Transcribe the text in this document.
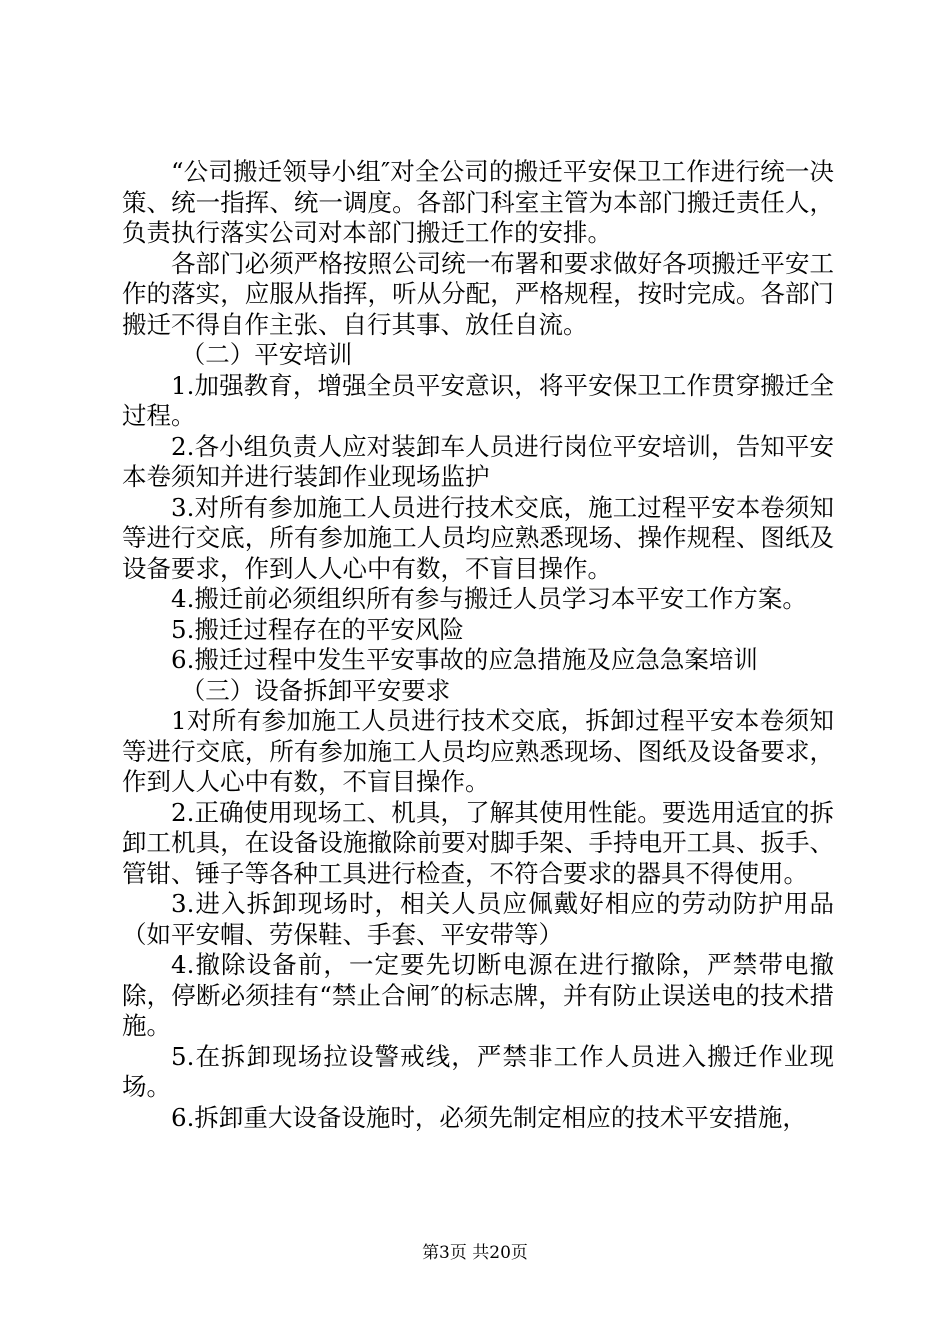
“公司搬迁领导小组″对全公司的搬迁平安保卫工作进行统一决策、统一指挥、统一调度。各部门科室主管为本部门搬迁责任人，负责执行落实公司对本部门搬迁工作的安排。

各部门必须严格按照公司统一布署和要求做好各项搬迁平安工作的落实，应服从指挥，听从分配，严格规程，按时完成。各部门搬迁不得自作主张、自行其事、放任自流。

（二）平安培训

1.加强教育，增强全员平安意识，将平安保卫工作贯穿搬迁全过程。

2.各小组负责人应对装卸车人员进行岗位平安培训，告知平安本卷须知并进行装卸作业现场监护

3.对所有参加施工人员进行技术交底，施工过程平安本卷须知等进行交底，所有参加施工人员均应熟悉现场、操作规程、图纸及设备要求，作到人人心中有数，不盲目操作。

4.搬迁前必须组织所有参与搬迁人员学习本平安工作方案。

5.搬迁过程存在的平安风险

6.搬迁过程中发生平安事故的应急措施及应急急案培训

（三）设备拆卸平安要求

1对所有参加施工人员进行技术交底，拆卸过程平安本卷须知等进行交底，所有参加施工人员均应熟悉现场、图纸及设备要求，作到人人心中有数，不盲目操作。

2.正确使用现场工、机具，了解其使用性能。要选用适宜的拆卸工机具，在设备设施撤除前要对脚手架、手持电开工具、扳手、管钳、锤子等各种工具进行检查，不符合要求的器具不得使用。

3.进入拆卸现场时，相关人员应佩戴好相应的劳动防护用品（如平安帽、劳保鞋、手套、平安带等）

4.撤除设备前，一定要先切断电源在进行撤除，严禁带电撤除，停断必须挂有“禁止合闸″的标志牌，并有防止误送电的技术措施。

5.在拆卸现场拉设警戒线，严禁非工作人员进入搬迁作业现场。

6.拆卸重大设备设施时，必须先制定相应的技术平安措施，

第3页 共20页
